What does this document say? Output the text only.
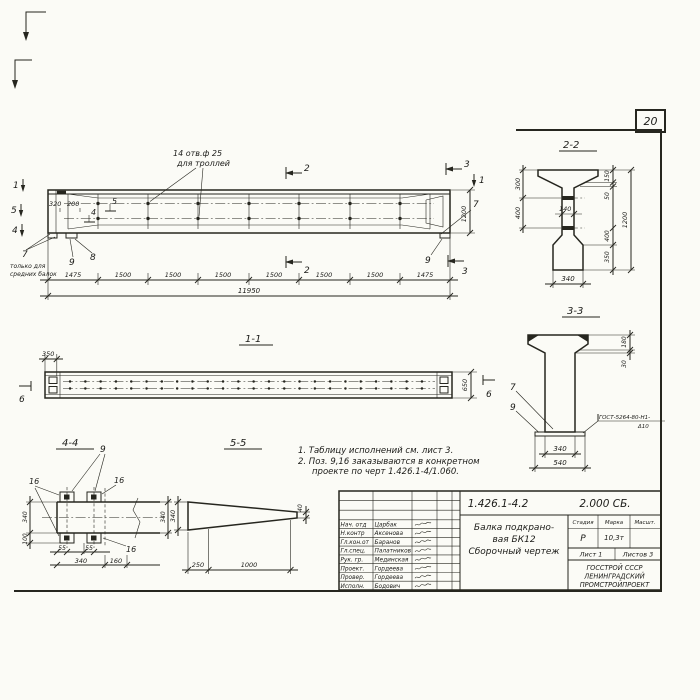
20
14 отв.ф 25
для троллей
1
5
4
2
2
3
3
1
320 200	5
4
7
только для
средних балок
9 8
7
9
1475	1500	1500	1500	1500	1500	1500	1475
11950
1200
2-2
300
400	140
150
50
400
350
1200
340
3-3
180
30
7
9
ГОСТ-5264-80-Н1-
Δ10
340
540
1-1
350
650
6	6
4-4
340
100
340
55	55
340	160
9
16	16
16
5-5
340
40
250	1000
1. Таблицу исполнений см. лист 3.
2. Поз. 9,16 заказываются в конкретном
проекте по черт 1.426.1-4/1.060.
1.426.1-4.2	2.000 СБ.
Нач. отд Царбак
Н.контр Аксенова
Гл.кон.от Баранов
Гл.спец. Палатников
Рук. гр. Мединская
Проект. Гордеева
Провер. Гордеева
Исполн. Бодович
Балка подкрано-
вая БК12
Сборочный чертеж
Стадия Марка Масшт.
Р	10,3т
Лист 1	Листов 3
ГОССТРОЙ СССР
ЛЕНИНГРАДСКИЙ
ПРОМСТРОЙПРОЕКТ
